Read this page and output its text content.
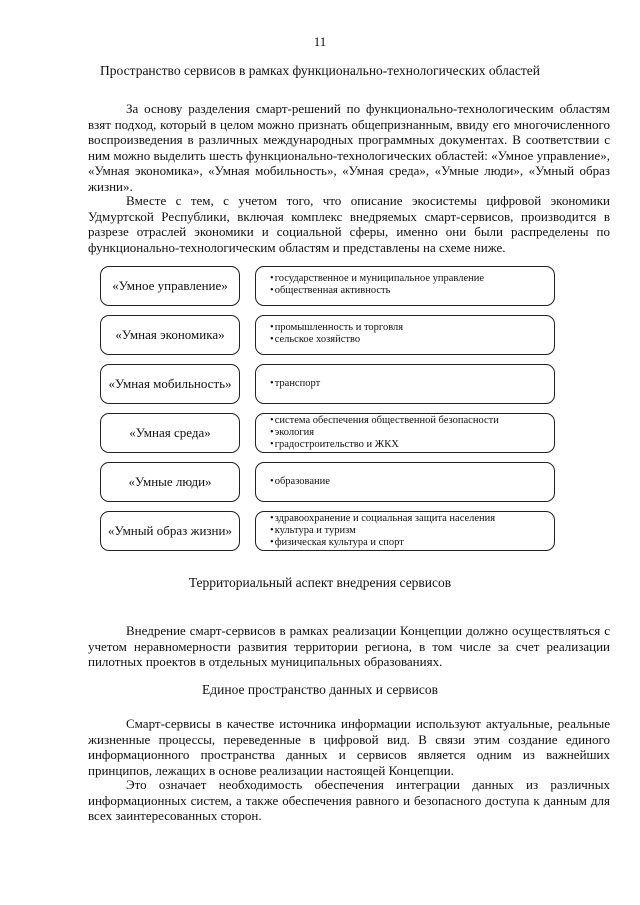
11
Пространство сервисов в рамках функционально-технологических областей

За основу разделения смарт-решений по функционально-технологическим областям взят подход, который в целом можно признать общепризнанным, ввиду его многочисленного воспроизведения в различных международных программных документах. В соответствии с ним можно выделить шесть функционально-технологических областей: «Умное управление», «Умная экономика», «Умная мобильность», «Умная среда», «Умные люди», «Умный образ жизни».

Вместе с тем, с учетом того, что описание экосистемы цифровой экономики Удмуртской Республики, включая комплекс внедряемых смарт-сервисов, производится в разрезе отраслей экономики и социальной сферы, именно они были распределены по функционально-технологическим областям и представлены на схеме ниже.

«Умное управление»	• государственное и муниципальное управление
• общественная активность
«Умная экономика»	• промышленность и торговля
• сельское хозяйство
«Умная мобильность»	• транспорт
«Умная среда»
• система обеспечения общественной безопасности
• экология
• градостроительство и ЖКХ
«Умные люди»	• образование
«Умный образ жизни»
• здравоохранение и социальная защита населения
• культура и туризм
• физическая культура и спорт
Территориальный аспект внедрения сервисов

Внедрение смарт-сервисов в рамках реализации Концепции должно осуществляться с учетом неравномерности развития территории региона, в том числе за счет реализации пилотных проектов в отдельных муниципальных образованиях.

Единое пространство данных и сервисов

Смарт-сервисы в качестве источника информации используют актуальные, реальные жизненные процессы, переведенные в цифровой вид. В связи этим создание единого информационного пространства данных и сервисов является одним из важнейших принципов, лежащих в основе реализации настоящей Концепции.

Это означает необходимость обеспечения интеграции данных из различных информационных систем, а также обеспечения равного и безопасного доступа к данным для всех заинтересованных сторон.
